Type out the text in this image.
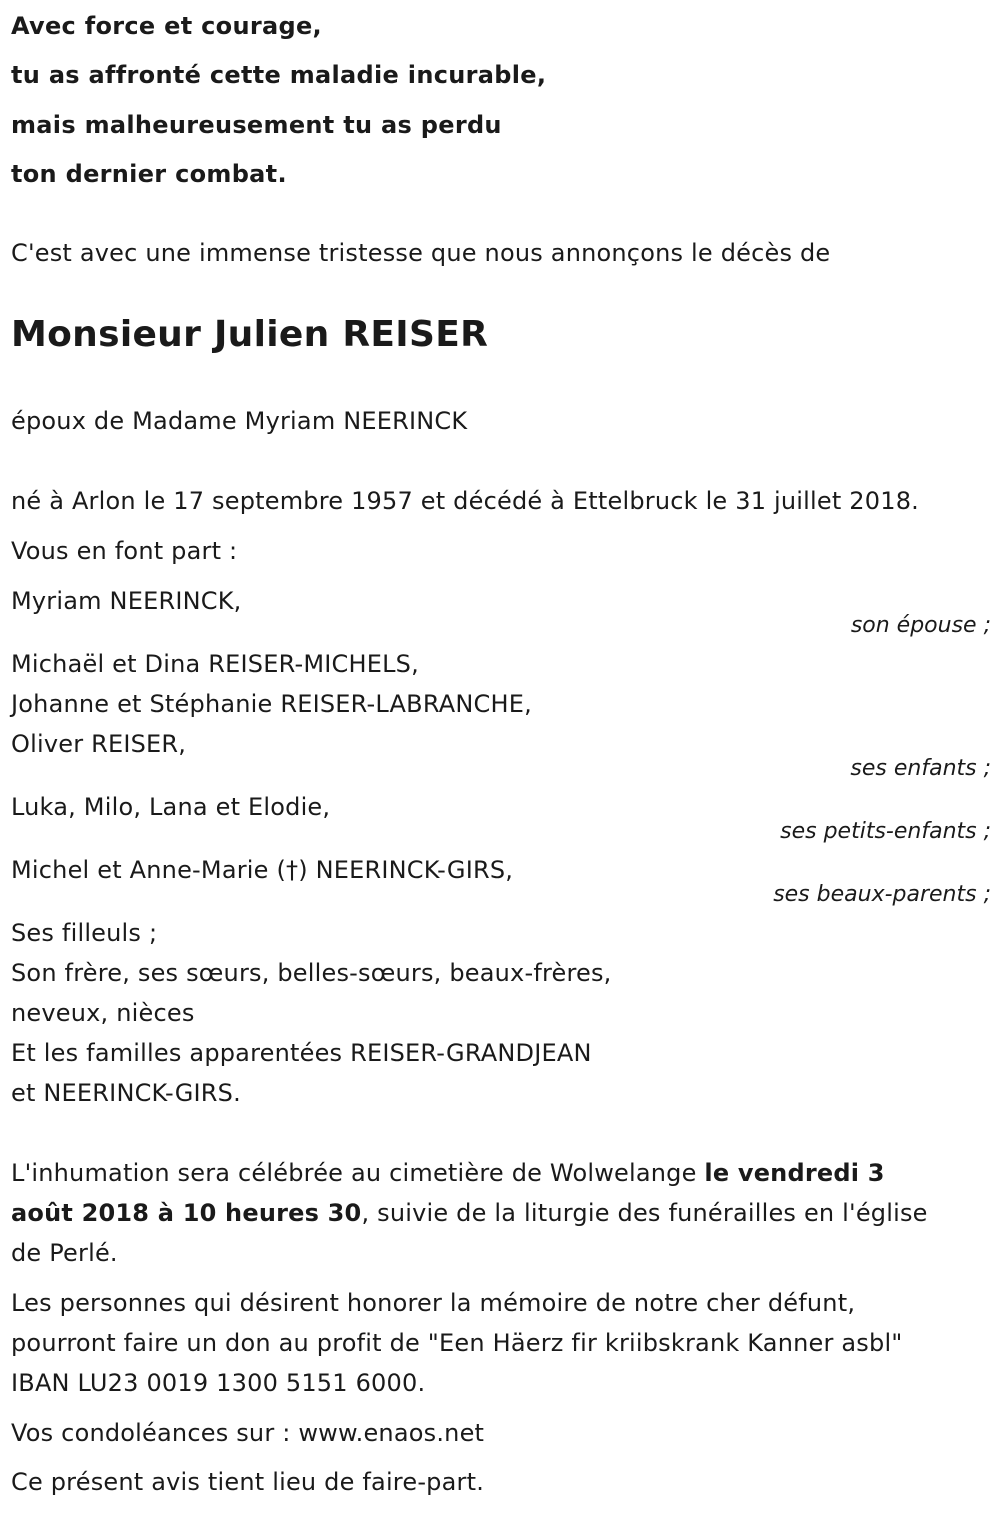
Avec force et courage,
tu as affronté cette maladie incurable,
mais malheureusement tu as perdu
ton dernier combat.
C'est avec une immense tristesse que nous annonçons le décès de
Monsieur Julien REISER
époux de Madame Myriam NEERINCK
né à Arlon le 17 septembre 1957 et décédé à Ettelbruck le 31 juillet 2018.
Vous en font part :
Myriam NEERINCK,
son épouse ;
Michaël et Dina REISER-MICHELS,
Johanne et Stéphanie REISER-LABRANCHE,
Oliver REISER,
ses enfants ;
Luka, Milo, Lana et Elodie,
ses petits-enfants ;
Michel et Anne-Marie (†) NEERINCK-GIRS,
ses beaux-parents ;
Ses filleuls ;
Son frère, ses sœurs, belles-sœurs, beaux-frères,
neveux, nièces
Et les familles apparentées REISER-GRANDJEAN
et NEERINCK-GIRS.
L'inhumation sera célébrée au cimetière de Wolwelange le vendredi 3
août 2018 à 10 heures 30, suivie de la liturgie des funérailles en l'église
de Perlé.
Les personnes qui désirent honorer la mémoire de notre cher défunt,
pourront faire un don au profit de "Een Häerz fir kriibskrank Kanner asbl"
IBAN LU23 0019 1300 5151 6000.
Vos condoléances sur : www.enaos.net
Ce présent avis tient lieu de faire-part.
